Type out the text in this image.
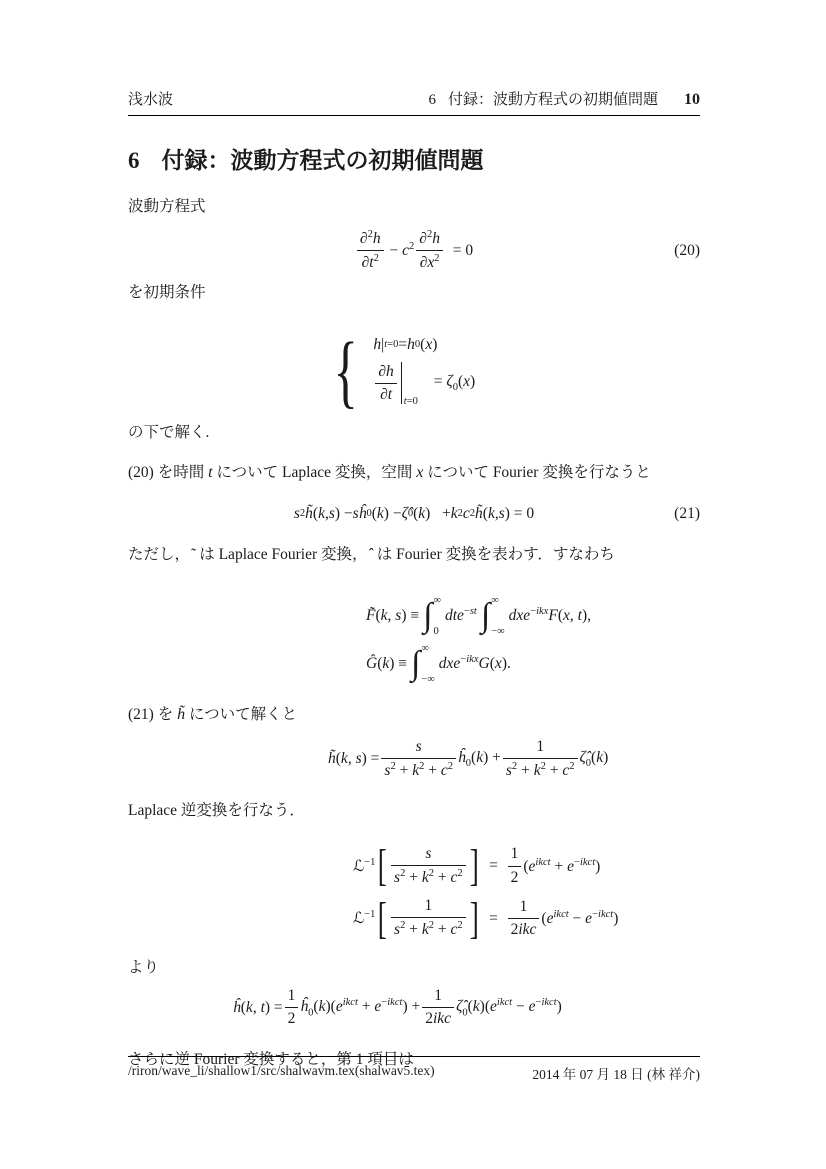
浅水波	6 付録：波動方程式の初期値問題 10
6 付録：波動方程式の初期値問題

波動方程式

$\frac{\partial^2h}{\partial t^2} - c^2 \frac{\partial^2h}{\partial x^2}$  = 0	(20)

を初期条件

{ h | t=0 = h 0 ( x )
$\frac{\partial h}{\partial t} t=0$
= $\zeta_0(x)$

の下で解く.

(20) を時間 t について Laplace 変換，空間 x について Fourier 変換を行なうと

s 2 h̃ ( k , s ) − sĥ 0 ( k ) − ζ̂ 0 ( k )  + k 2 c 2 h̃ ( k , s ) = 0	(21)

ただし，˜ は Laplace Fourier 変換，ˆ は Fourier 変換を表わす．すなわち

F̃(k, s) ≡ ∫ ∞
0
dte$^{-st}$ ∫ ∞
−∞
dxe$^{-ikx}$F(x, t),
Ĝ(k) ≡ ∫ ∞
−∞
dxe$^{-ikx}$G(x).

(21) を h̃ について解くと

h̃(k, $s) = \frac{s}{s^2 + k^2 + c^2}$ $ĥ_0(k) + \frac{1}{s^2 + k^2 + c^2}$ $\zetâ_0(k)$

Laplace 逆変換を行なう．

ℒ$^{-1}$ [ $\frac{s}{s^2 + k^2 + c^2}$ ]  =  $\frac{1}{2} (e^{ikct} + e^{-ikct})$
ℒ$^{-1}$ [ $\frac{1}{s^2 + k^2 + c^2}$ ]  =  $\frac{1}{\text{2ikc}} (e^{ikct} - e^{-ikct})$

より

ĥ(k, $t) = \frac{1}{2}$ $ĥ_0(k)(e^{ikct} + e^{-ikct}) + \frac{1}{\text{2ikc}}$ $\zetâ_0(k)(e^{ikct} - e^{-ikct})$

さらに逆 Fourier 変換すると，第 1 項目は

/riron/wave_li/shallow1/src/shalwavm.tex(shalwav5.tex)	2014 年 07 月 18 日 (林 祥介)
